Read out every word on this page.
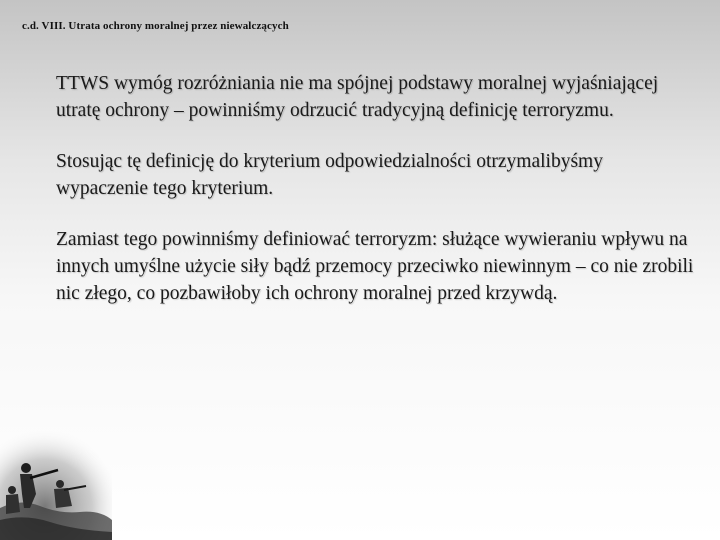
c.d. VIII. Utrata ochrony moralnej przez niewalczących

TTWS wymóg rozróżniania nie ma spójnej podstawy moralnej wyjaśniającej utratę ochrony – powinniśmy odrzucić tradycyjną definicję terroryzmu.

Stosując tę definicję do kryterium odpowiedzialności otrzymalibyśmy wypaczenie tego kryterium.

Zamiast tego powinniśmy definiować terroryzm: służące wywieraniu wpływu na innych umyślne użycie siły bądź przemocy przeciwko niewinnym – co nie zrobili nic złego, co pozbawiłoby ich ochrony moralnej przed krzywdą.
